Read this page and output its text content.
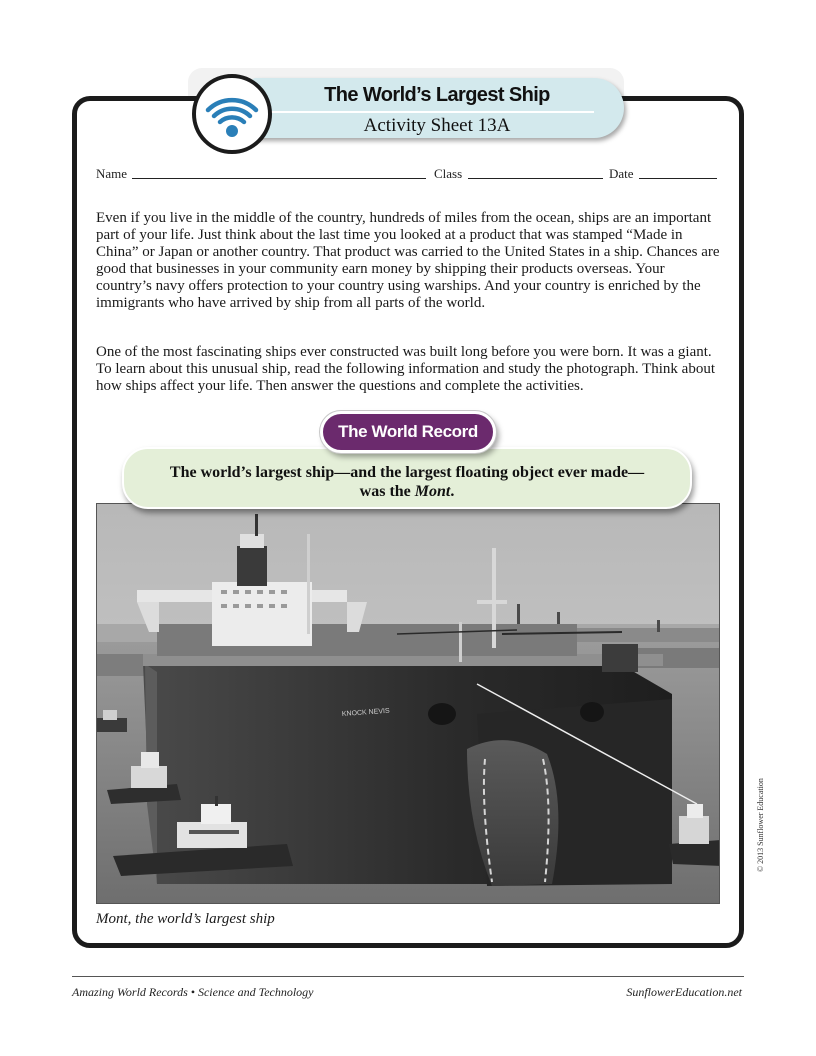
The World’s Largest Ship
Activity Sheet 13A
Name	Class	Date

Even if you live in the middle of the country, hundreds of miles from the ocean, ships are an important part of your life. Just think about the last time you looked at a product that was stamped “Made in China” or Japan or another country. That product was carried to the United States in a ship. Chances are good that businesses in your community earn money by shipping their products overseas. Your country’s navy offers protection to your country using warships. And your country is enriched by the immigrants who have arrived by ship from all parts of the world.

One of the most fascinating ships ever constructed was built long before you were born. It was a giant. To learn about this unusual ship, read the following information and study the photograph. Think about how ships affect your life. Then answer the questions and complete the activities.

KNOCK NEVIS
The world’s largest ship—and the largest floating object ever made—
was the Mont.
The World Record
Mont, the world’s largest ship
© 2013 Sunflower Education
Amazing World Records • Science and Technology	SunflowerEducation.net
